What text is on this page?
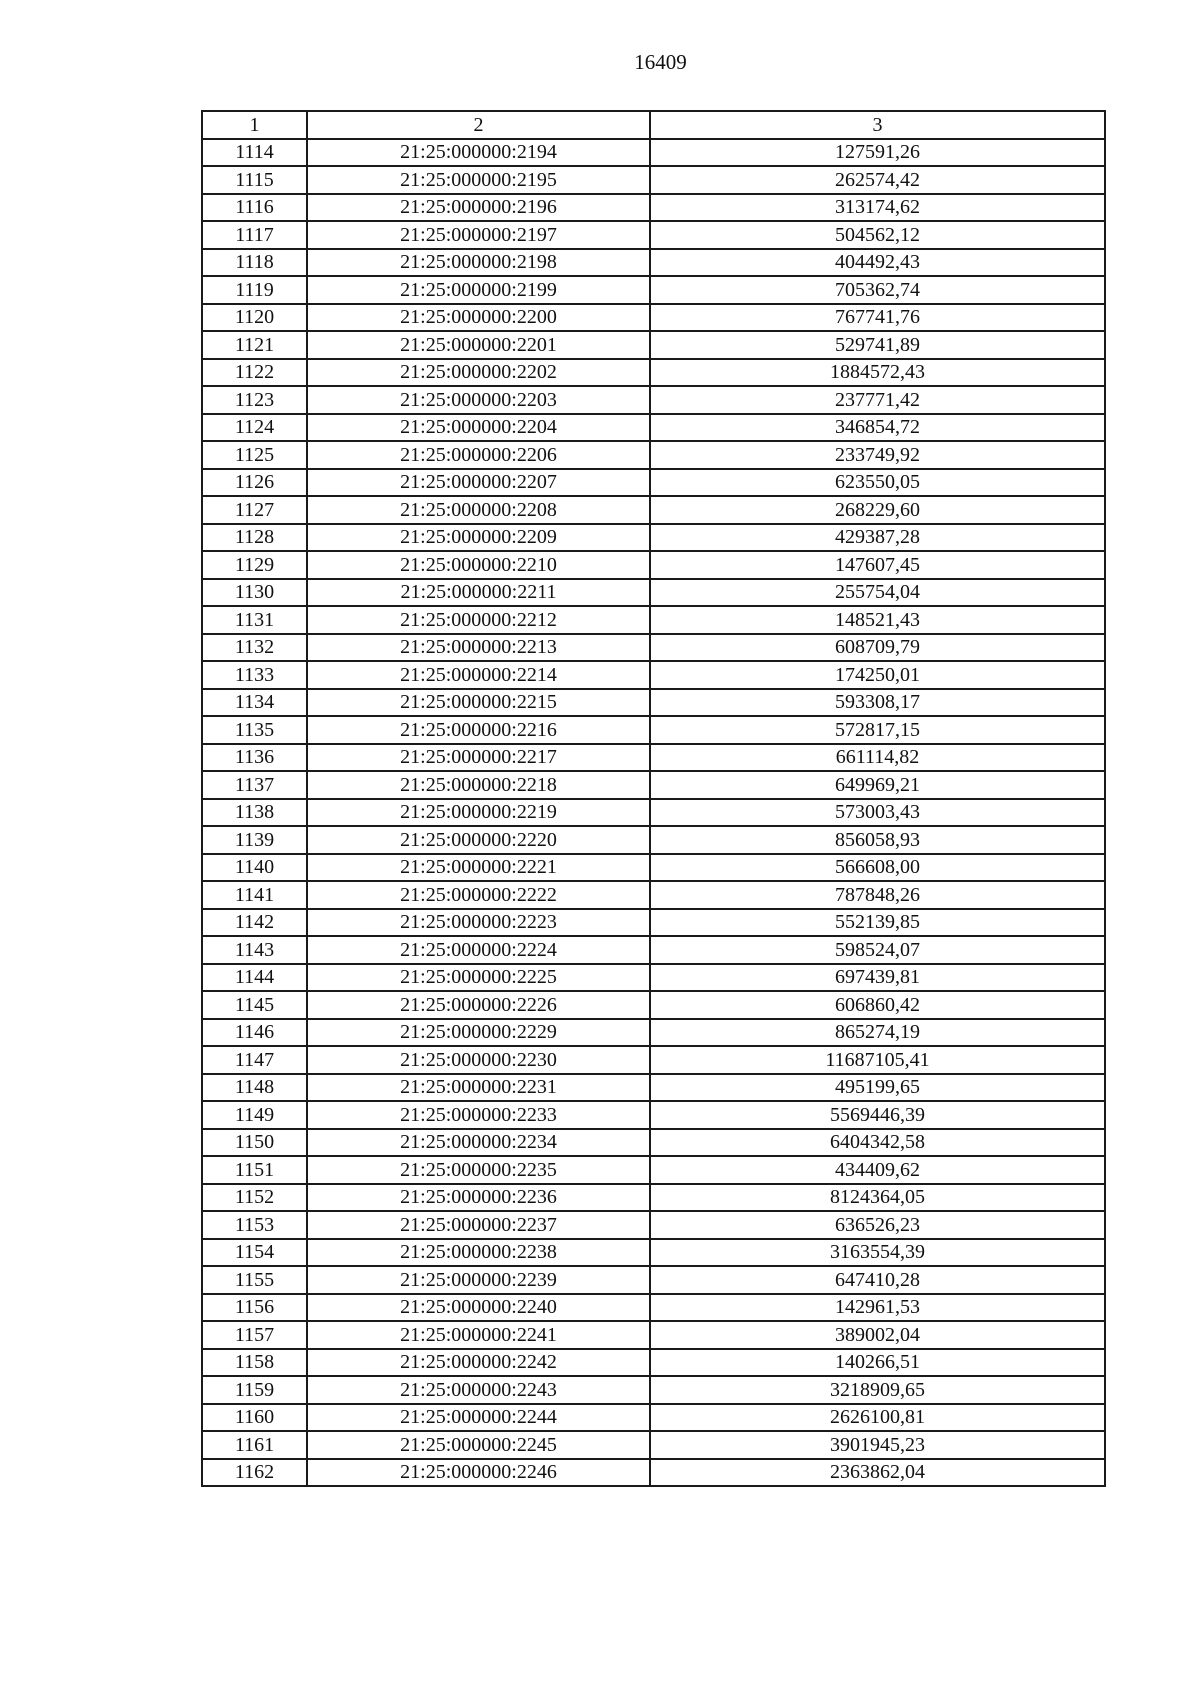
16409
1	2	3
1114	21:25:000000:2194	127591,26
1115	21:25:000000:2195	262574,42
1116	21:25:000000:2196	313174,62
1117	21:25:000000:2197	504562,12
1118	21:25:000000:2198	404492,43
1119	21:25:000000:2199	705362,74
1120	21:25:000000:2200	767741,76
1121	21:25:000000:2201	529741,89
1122	21:25:000000:2202	1884572,43
1123	21:25:000000:2203	237771,42
1124	21:25:000000:2204	346854,72
1125	21:25:000000:2206	233749,92
1126	21:25:000000:2207	623550,05
1127	21:25:000000:2208	268229,60
1128	21:25:000000:2209	429387,28
1129	21:25:000000:2210	147607,45
1130	21:25:000000:2211	255754,04
1131	21:25:000000:2212	148521,43
1132	21:25:000000:2213	608709,79
1133	21:25:000000:2214	174250,01
1134	21:25:000000:2215	593308,17
1135	21:25:000000:2216	572817,15
1136	21:25:000000:2217	661114,82
1137	21:25:000000:2218	649969,21
1138	21:25:000000:2219	573003,43
1139	21:25:000000:2220	856058,93
1140	21:25:000000:2221	566608,00
1141	21:25:000000:2222	787848,26
1142	21:25:000000:2223	552139,85
1143	21:25:000000:2224	598524,07
1144	21:25:000000:2225	697439,81
1145	21:25:000000:2226	606860,42
1146	21:25:000000:2229	865274,19
1147	21:25:000000:2230	11687105,41
1148	21:25:000000:2231	495199,65
1149	21:25:000000:2233	5569446,39
1150	21:25:000000:2234	6404342,58
1151	21:25:000000:2235	434409,62
1152	21:25:000000:2236	8124364,05
1153	21:25:000000:2237	636526,23
1154	21:25:000000:2238	3163554,39
1155	21:25:000000:2239	647410,28
1156	21:25:000000:2240	142961,53
1157	21:25:000000:2241	389002,04
1158	21:25:000000:2242	140266,51
1159	21:25:000000:2243	3218909,65
1160	21:25:000000:2244	2626100,81
1161	21:25:000000:2245	3901945,23
1162	21:25:000000:2246	2363862,04
